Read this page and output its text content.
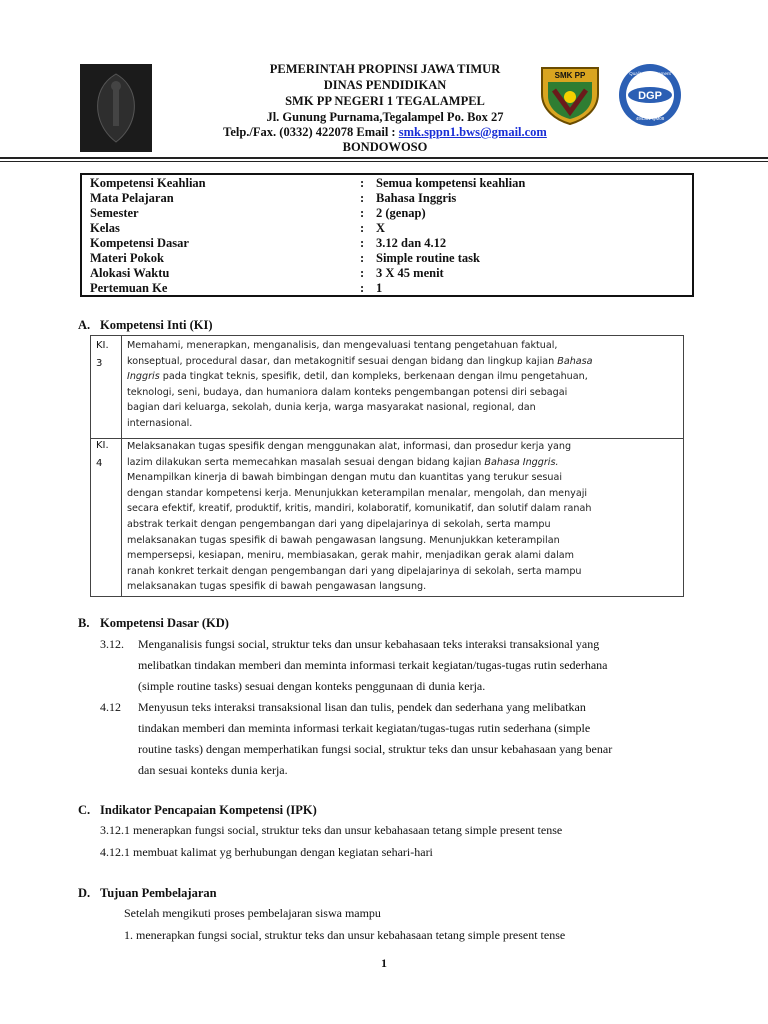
PEMERINTAH PROPINSI JAWA TIMUR
DINAS PENDIDIKAN
SMK PP NEGERI 1 TEGALAMPEL
Jl. Gunung Purnama,Tegalampel Po. Box 27
Telp./Fax. (0332) 422078 Email : smk.sppn1.bws@gmail.com
BONDOWOSO
SMK PP
DGP
Quality Management
494381 QM08
Kompetensi Keahlian	: Semua kompetensi keahlian
Mata Pelajaran	: Bahasa Inggris
Semester	: 2 (genap)
Kelas	: X
Kompetensi Dasar	: 3.12 dan 4.12
Materi Pokok	: Simple routine task
Alokasi Waktu	: 3 X 45 menit
Pertemuan Ke	: 1
A. Kompetensi Inti (KI)
KI.
3
Memahami, menerapkan, menganalisis, dan mengevaluasi tentang pengetahuan faktual,
konseptual, procedural dasar, dan metakognitif sesuai dengan bidang dan lingkup kajian Bahasa
Inggris pada tingkat teknis, spesifik, detil, dan kompleks, berkenaan dengan ilmu pengetahuan,
teknologi, seni, budaya, dan humaniora dalam konteks pengembangan potensi diri sebagai
bagian dari keluarga, sekolah, dunia kerja, warga masyarakat nasional, regional, dan
internasional.
KI.
4
Melaksanakan tugas spesifik dengan menggunakan alat, informasi, dan prosedur kerja yang
lazim dilakukan serta memecahkan masalah sesuai dengan bidang kajian Bahasa Inggris.
Menampilkan kinerja di bawah bimbingan dengan mutu dan kuantitas yang terukur sesuai
dengan standar kompetensi kerja. Menunjukkan keterampilan menalar, mengolah, dan menyaji
secara efektif, kreatif, produktif, kritis, mandiri, kolaboratif, komunikatif, dan solutif dalam ranah
abstrak terkait dengan pengembangan dari yang dipelajarinya di sekolah, serta mampu
melaksanakan tugas spesifik di bawah pengawasan langsung. Menunjukkan keterampilan
mempersepsi, kesiapan, meniru, membiasakan, gerak mahir, menjadikan gerak alami dalam
ranah konkret terkait dengan pengembangan dari yang dipelajarinya di sekolah, serta mampu
melaksanakan tugas spesifik di bawah pengawasan langsung.
B. Kompetensi Dasar (KD)
3.12. Menganalisis fungsi social, struktur teks dan unsur kebahasaan teks interaksi transaksional yang
melibatkan tindakan memberi dan meminta informasi terkait kegiatan/tugas-tugas rutin sederhana
(simple routine tasks) sesuai dengan konteks penggunaan di dunia kerja.
4.12 Menyusun teks interaksi transaksional lisan dan tulis, pendek dan sederhana yang melibatkan
tindakan memberi dan meminta informasi terkait kegiatan/tugas-tugas rutin sederhana (simple
routine tasks) dengan memperhatikan fungsi social, struktur teks dan unsur kebahasaan yang benar
dan sesuai konteks dunia kerja.
C. Indikator Pencapaian Kompetensi (IPK)
3.12.1 menerapkan fungsi social, struktur teks dan unsur kebahasaan tetang simple present tense
4.12.1 membuat kalimat yg berhubungan dengan kegiatan sehari-hari
D. Tujuan Pembelajaran
Setelah mengikuti proses pembelajaran siswa mampu
1. menerapkan fungsi social, struktur teks dan unsur kebahasaan tetang simple present tense
1
